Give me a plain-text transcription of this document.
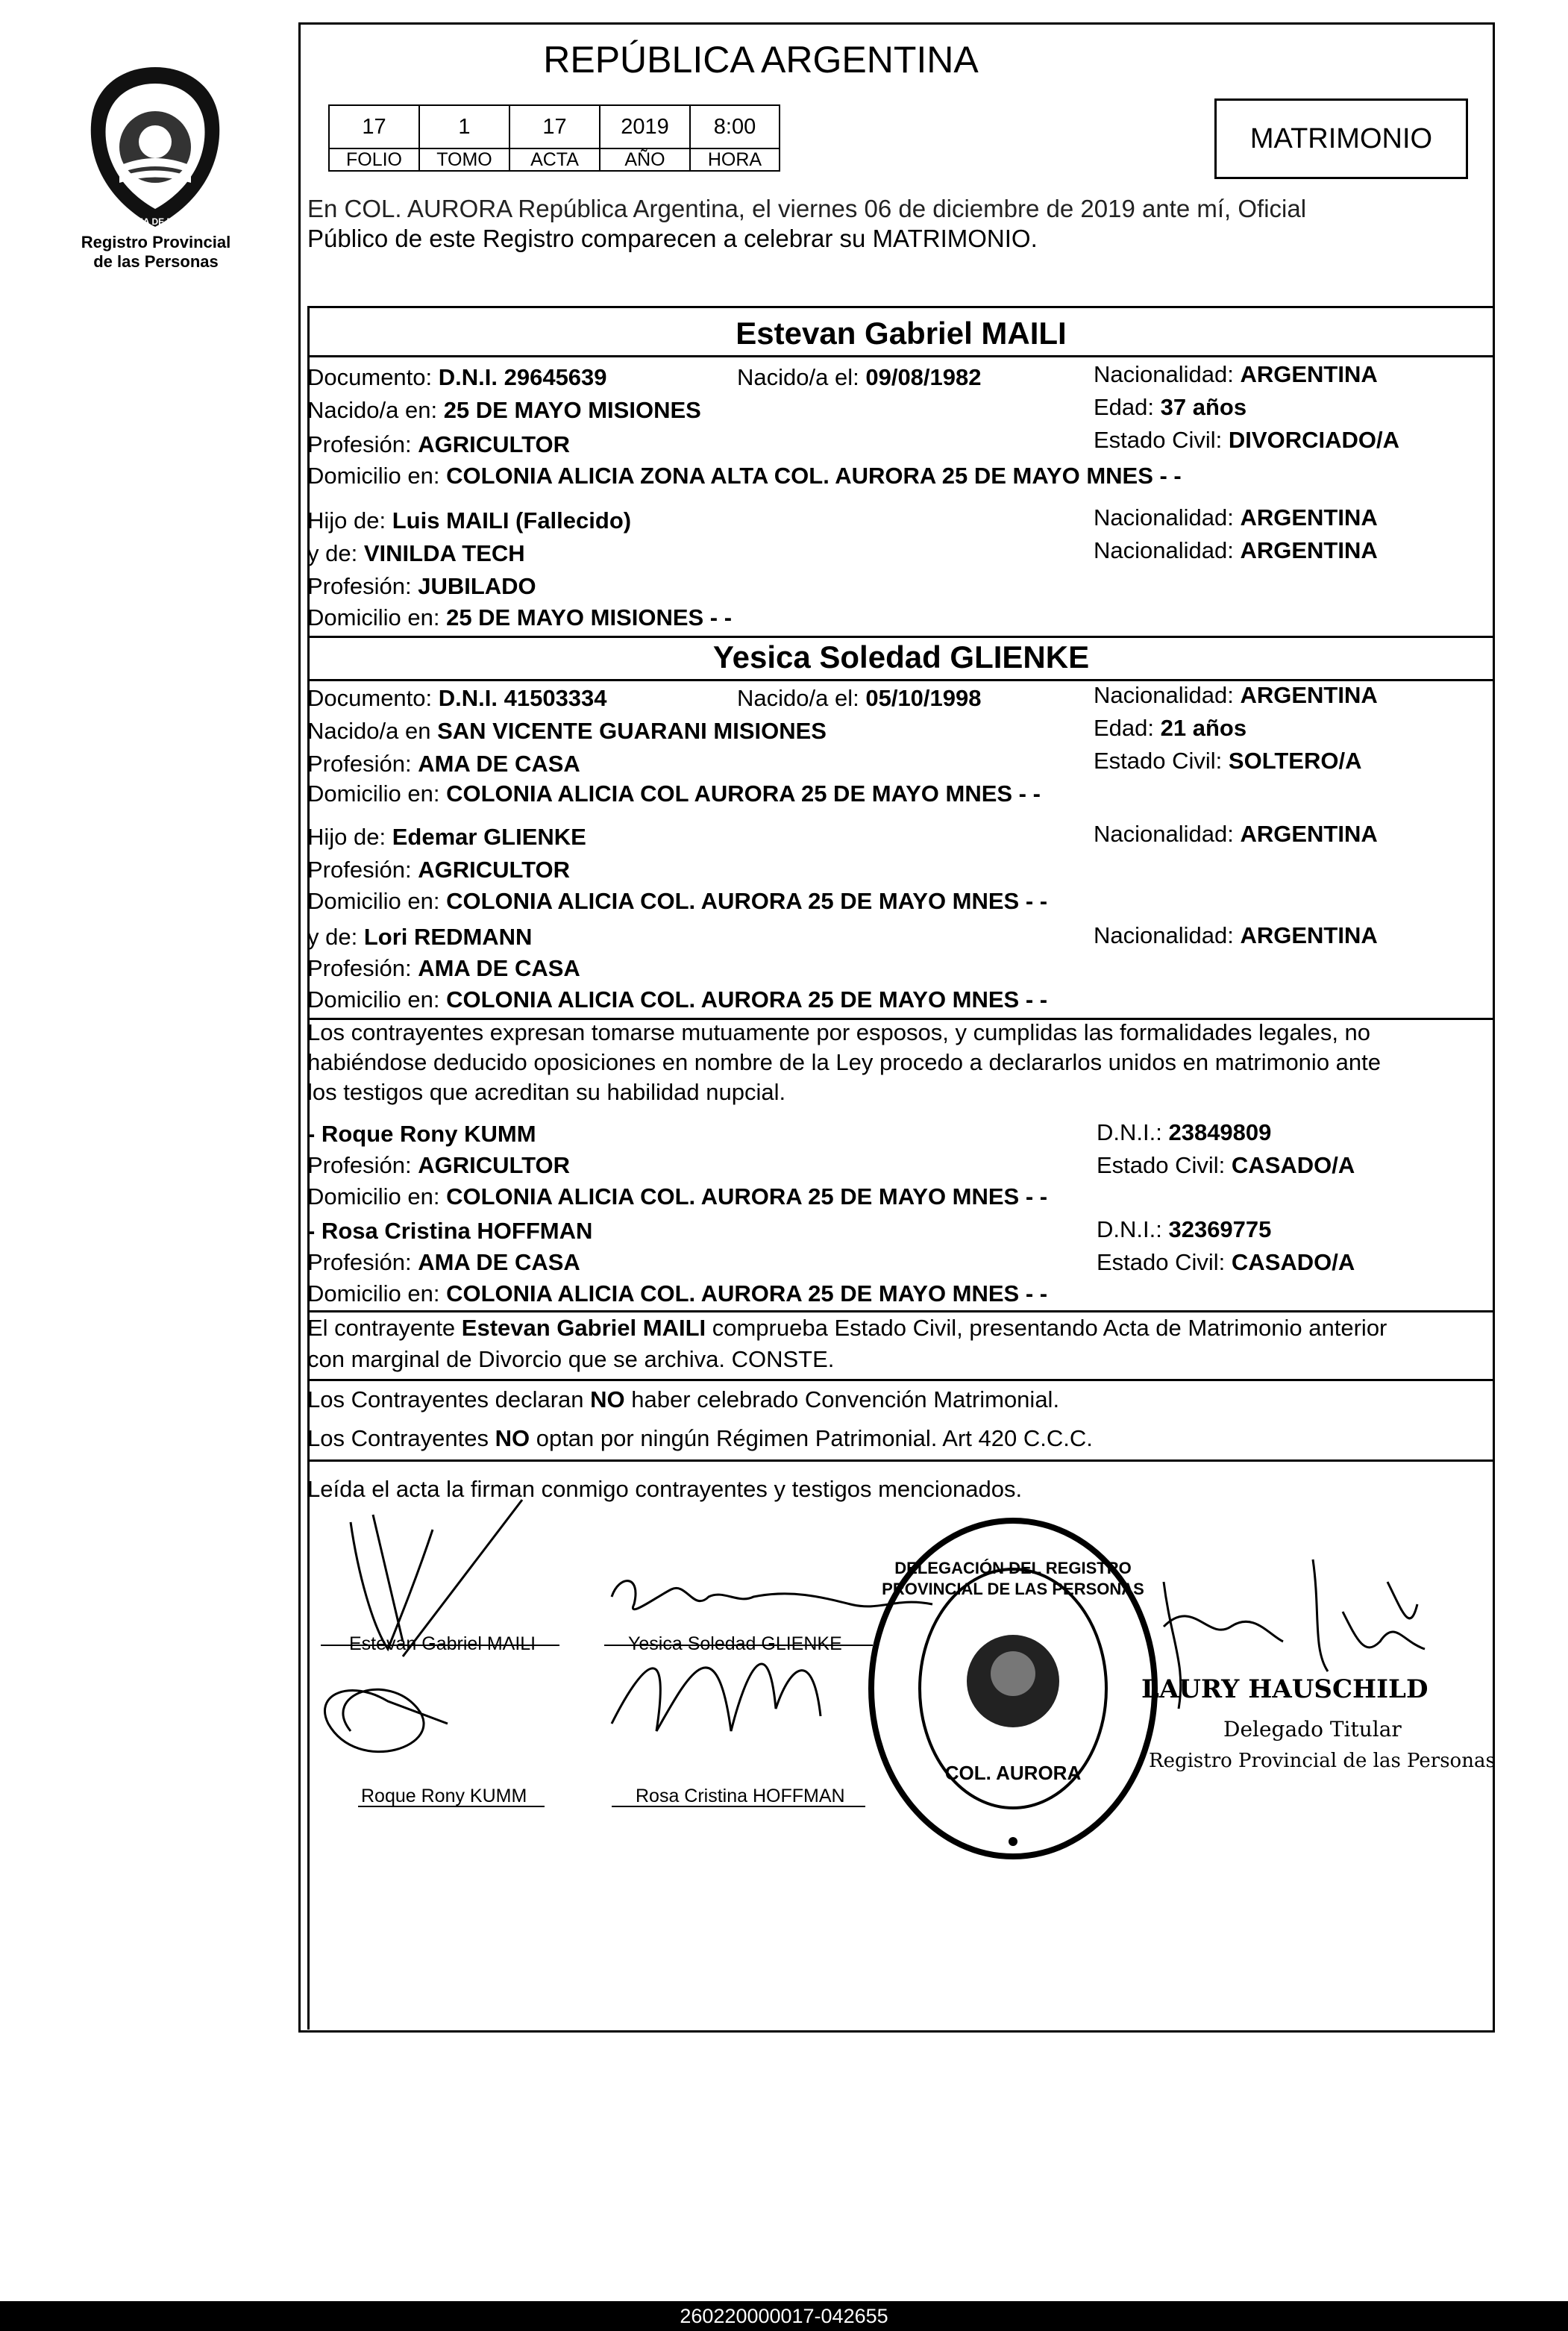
PROVINCIA DE MISIONES
Registro Provincial
de las Personas
REPÚBLICA ARGENTINA
17	1	17	2019	8:00
FOLIO	TOMO	ACTA	AÑO	HORA
MATRIMONIO
En COL. AURORA República Argentina, el viernes 06 de diciembre de 2019 ante mí, Oficial
Público de este Registro comparecen a celebrar su MATRIMONIO.
Estevan Gabriel MAILI
Documento: D.N.I. 29645639	Nacido/a el: 09/08/1982	Nacionalidad: ARGENTINA
Nacido/a en: 25 DE MAYO MISIONES	Edad: 37 años
Profesión: AGRICULTOR	Estado Civil: DIVORCIADO/A
Domicilio en: COLONIA ALICIA ZONA ALTA COL. AURORA 25 DE MAYO MNES - -
Hijo de: Luis MAILI (Fallecido)	Nacionalidad: ARGENTINA
y de: VINILDA TECH	Nacionalidad: ARGENTINA
Profesión: JUBILADO
Domicilio en: 25 DE MAYO MISIONES - -
Yesica Soledad GLIENKE
Documento: D.N.I. 41503334	Nacido/a el: 05/10/1998	Nacionalidad: ARGENTINA
Nacido/a en SAN VICENTE GUARANI MISIONES	Edad: 21 años
Profesión: AMA DE CASA	Estado Civil: SOLTERO/A
Domicilio en: COLONIA ALICIA COL AURORA 25 DE MAYO MNES - -
Hijo de: Edemar GLIENKE	Nacionalidad: ARGENTINA
Profesión: AGRICULTOR
Domicilio en: COLONIA ALICIA COL. AURORA 25 DE MAYO MNES - -
y de: Lori REDMANN	Nacionalidad: ARGENTINA
Profesión: AMA DE CASA
Domicilio en: COLONIA ALICIA COL. AURORA 25 DE MAYO MNES - -
Los contrayentes expresan tomarse mutuamente por esposos, y cumplidas las formalidades legales, no
habiéndose deducido oposiciones en nombre de la Ley procedo a declararlos unidos en matrimonio ante
los testigos que acreditan su habilidad nupcial.
- Roque Rony KUMM	D.N.I.: 23849809
Profesión: AGRICULTOR	Estado Civil: CASADO/A
Domicilio en: COLONIA ALICIA COL. AURORA 25 DE MAYO MNES - -
- Rosa Cristina HOFFMAN	D.N.I.: 32369775
Profesión: AMA DE CASA	Estado Civil: CASADO/A
Domicilio en: COLONIA ALICIA COL. AURORA 25 DE MAYO MNES - -
El contrayente Estevan Gabriel MAILI comprueba Estado Civil, presentando Acta de Matrimonio anterior
con marginal de Divorcio que se archiva. CONSTE.
Los Contrayentes declaran NO haber celebrado Convención Matrimonial.
Los Contrayentes NO optan por ningún Régimen Patrimonial. Art 420 C.C.C.
Leída el acta la firman conmigo contrayentes y testigos mencionados.
Estevan Gabriel MAILI	Yesica Soledad GLIENKE
Roque Rony KUMM	Rosa Cristina HOFFMAN
DELEGACIÓN DEL REGISTRO PROVINCIAL DE LAS PERSONAS
COL. AURORA
LAURY HAUSCHILD
Delegado Titular
Registro Provincial de las Personas
260220000017-042655
